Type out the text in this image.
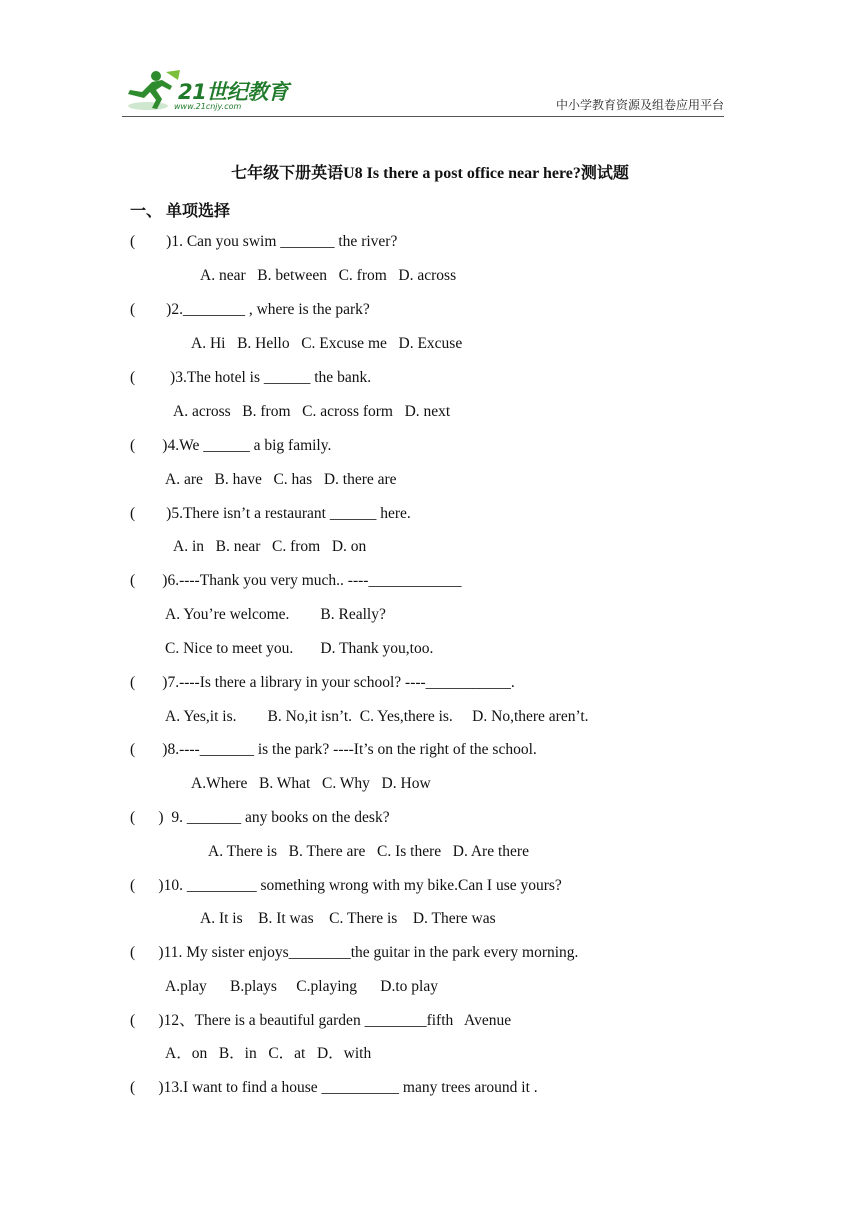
21世纪教育
www.21cnjy.com	中小学教育资源及组卷应用平台
七年级下册英语U8 Is there a post office near here?测试题
一、 单项选择
(        )1. Can you swim _______ the river?
A. near   B. between   C. from   D. across
(        )2.________ , where is the park?
A. Hi   B. Hello   C. Excuse me   D. Excuse
(         )3.The hotel is ______ the bank.
A. across   B. from   C. across form   D. next
(       )4.We ______ a big family.
A. are   B. have   C. has   D. there are
(        )5.There isn’t a restaurant ______ here.
A. in   B. near   C. from   D. on
(       )6.----Thank you very much.. ----____________
A. You’re welcome.        B. Really?
C. Nice to meet you.       D. Thank you,too.
(       )7.----Is there a library in your school? ----___________.
A. Yes,it is.        B. No,it isn’t.  C. Yes,there is.     D. No,there aren’t.
(       )8.----_______ is the park? ----It’s on the right of the school.
A.Where   B. What   C. Why   D. How
(      )  9. _______ any books on the desk?
A. There is   B. There are   C. Is there   D. Are there
(      )10. _________ something wrong with my bike.Can I use yours?
A. It is    B. It was    C. There is    D. There was
(      )11. My sister enjoys________the guitar in the park every morning.
A.play      B.plays     C.playing      D.to play
(      )12、There is a beautiful garden ________fifth   Avenue
A．on   B．in   C．at   D．with
(      )13.I want to find a house __________ many trees around it .
